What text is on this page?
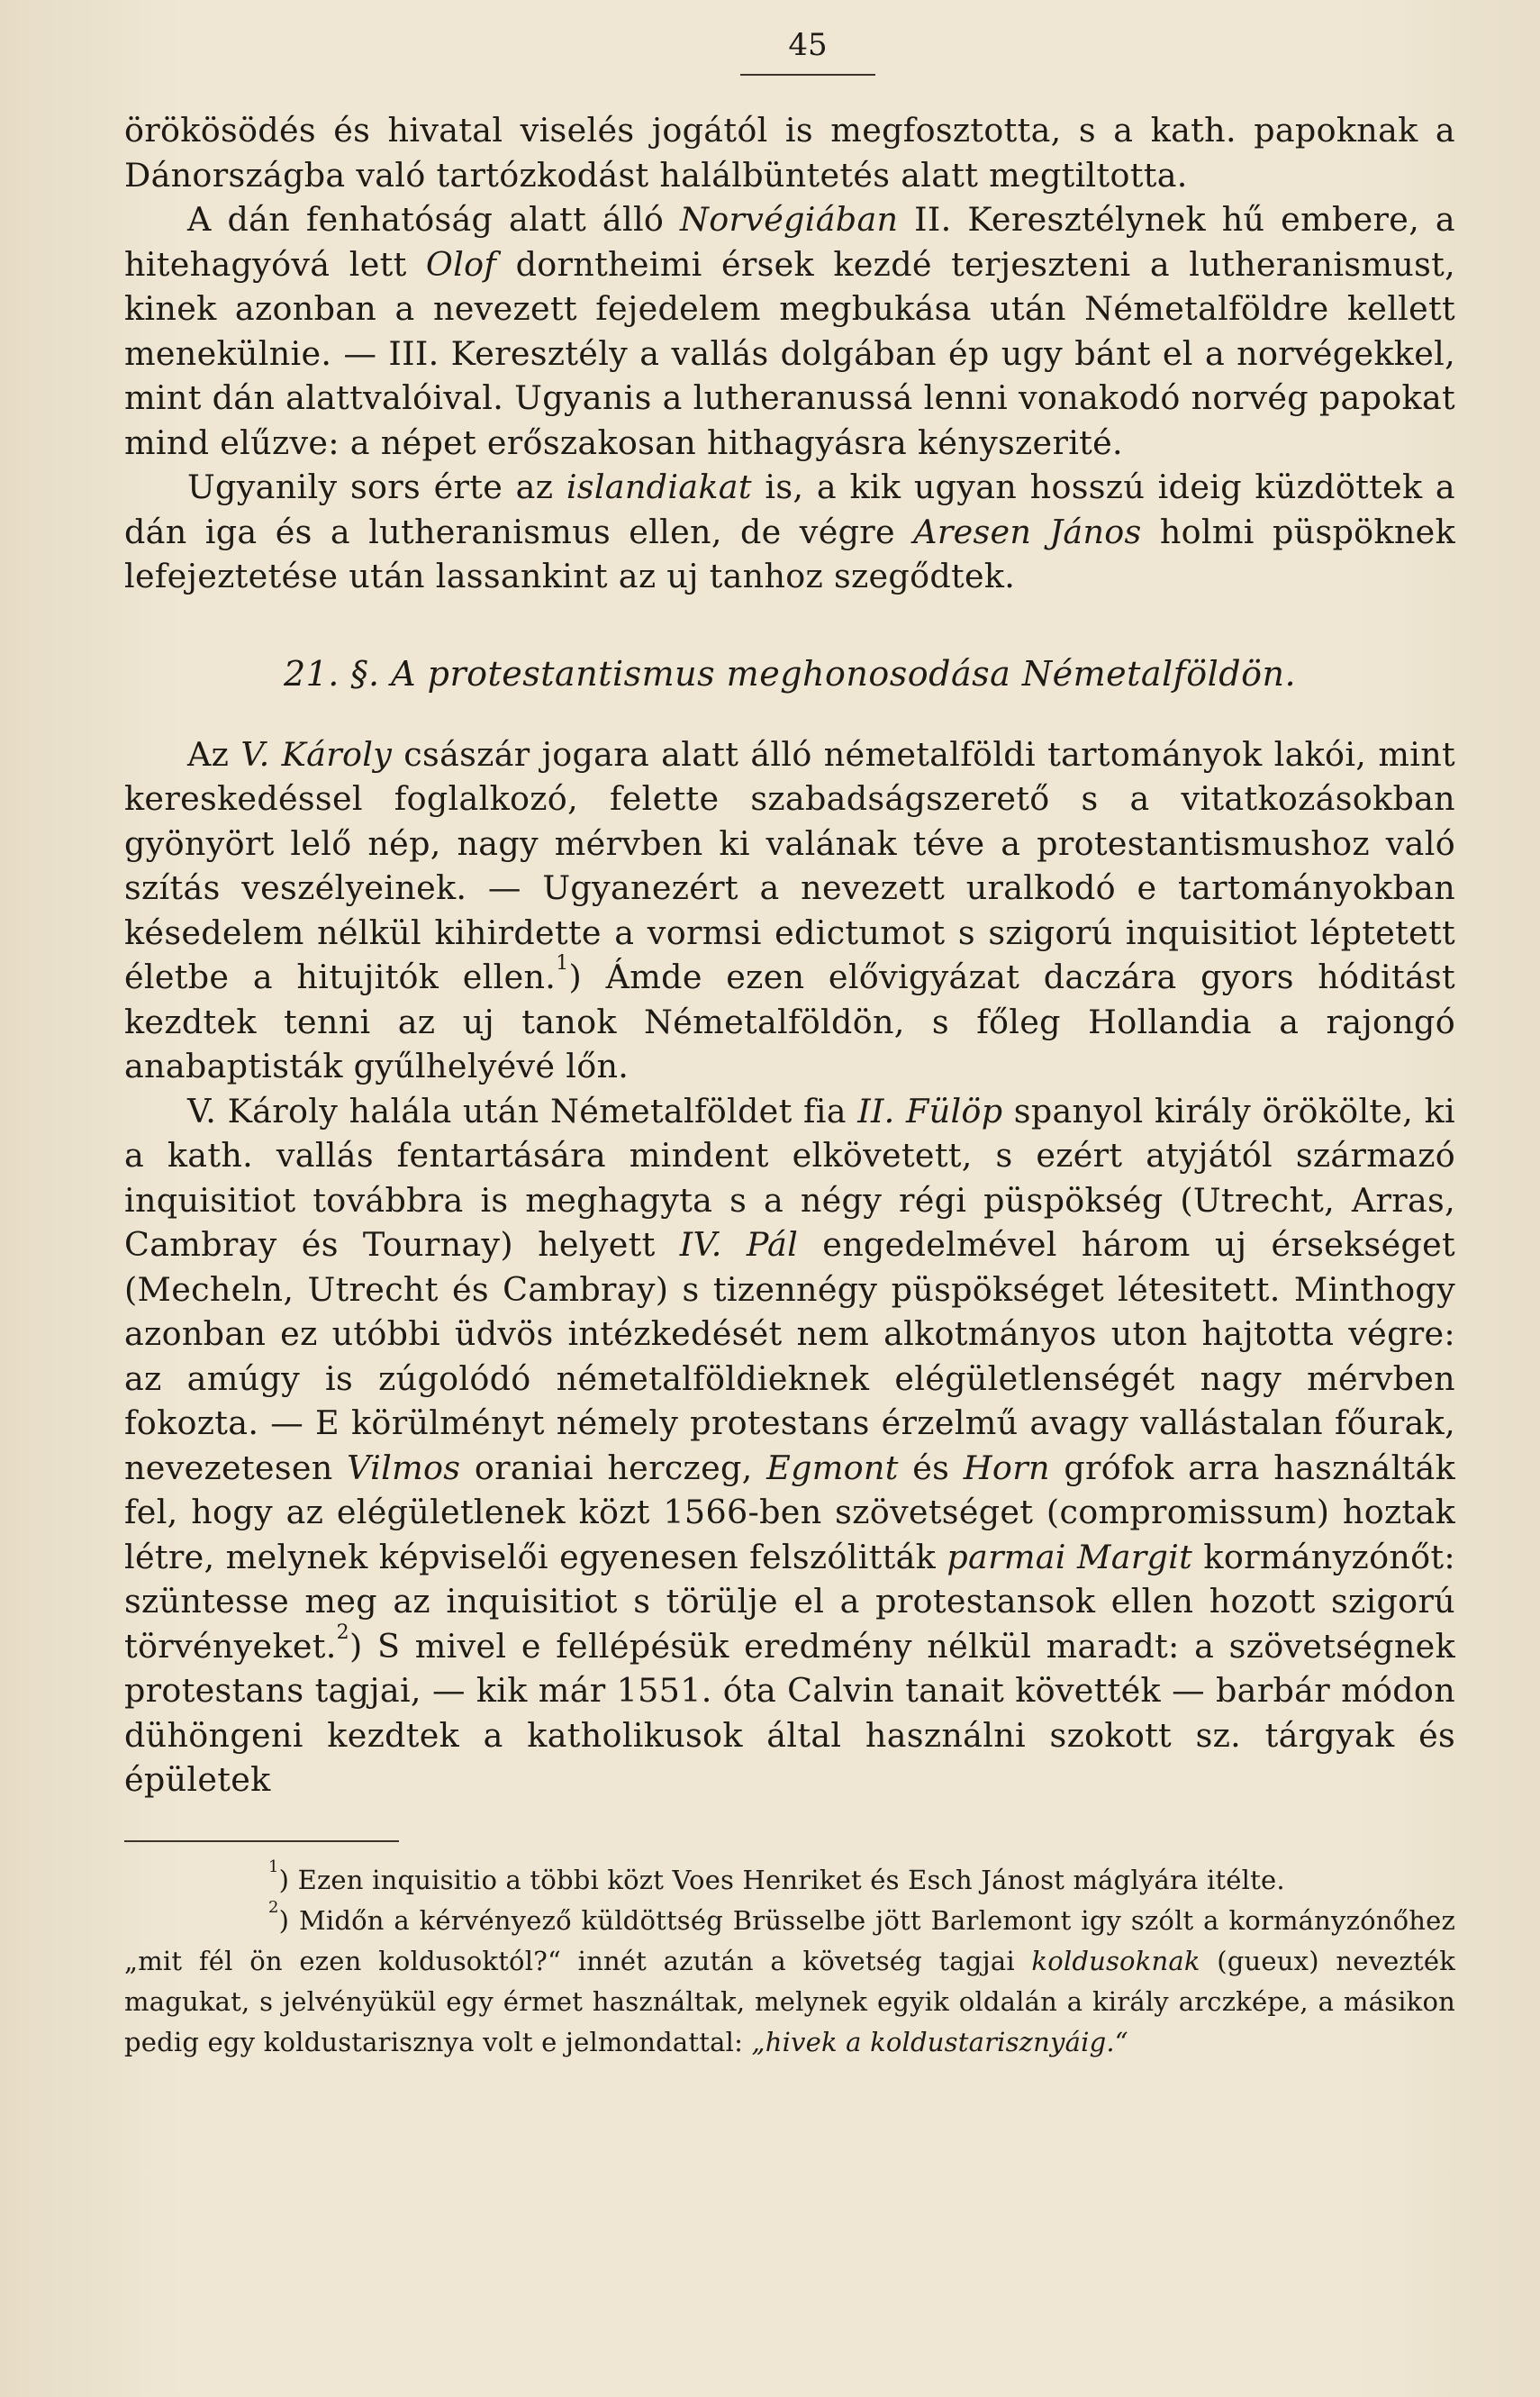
45

örökösödés és hivatal viselés jogától is megfosztotta, s a kath. papoknak a Dánországba való tartózkodást halálbüntetés alatt megtiltotta.

A dán fenhatóság alatt álló Norvégiában II. Keresztélynek hű embere, a hitehagyóvá lett Olof dorntheimi érsek kezdé terjeszteni a lutheranismust, kinek azonban a nevezett fejedelem megbukása után Németalföldre kellett menekülnie. — III. Keresztély a vallás dolgában ép ugy bánt el a norvégekkel, mint dán alattvalóival. Ugyanis a lutheranussá lenni vonakodó norvég papokat mind elűzve: a népet erőszakosan hithagyásra kényszerité.

Ugyanily sors érte az islandiakat is, a kik ugyan hosszú ideig küzdöttek a dán iga és a lutheranismus ellen, de végre Aresen János holmi püspöknek lefejeztetése után lassankint az uj tanhoz szegődtek.

21. §. A protestantismus meghonosodása Németalföldön.

Az V. Károly császár jogara alatt álló németalföldi tartományok lakói, mint kereskedéssel foglalkozó, felette szabadságszerető s a vitatkozásokban gyönyört lelő nép, nagy mérvben ki valának téve a protestantismushoz való szítás veszélyeinek. — Ugyanezért a nevezett uralkodó e tartományokban késedelem nélkül kihirdette a vormsi edictumot s szigorú inquisitiot léptetett életbe a hitujitók ellen.$^1$) Ámde ezen elővigyázat daczára gyors hóditást kezdtek tenni az uj tanok Németalföldön, s főleg Hollandia a rajongó anabaptisták gyűlhelyévé lőn.

V. Károly halála után Németalföldet fia II. Fülöp spanyol király örökölte, ki a kath. vallás fentartására mindent elkövetett, s ezért atyjától származó inquisitiot továbbra is meghagyta s a négy régi püspökség (Utrecht, Arras, Cambray és Tournay) helyett IV. Pál engedelmével három uj érsekséget (Mecheln, Utrecht és Cambray) s tizennégy püspökséget létesitett. Minthogy azonban ez utóbbi üdvös intézkedését nem alkotmányos uton hajtotta végre: az amúgy is zúgolódó németalföldieknek elégületlenségét nagy mérvben fokozta. — E körülményt némely protestans érzelmű avagy vallástalan főurak, nevezetesen Vilmos oraniai herczeg, Egmont és Horn grófok arra használták fel, hogy az elégületlenek közt 1566-ben szövetséget (compromissum) hoztak létre, melynek képviselői egyenesen felszólitták parmai Margit kormányzónőt: szüntesse meg az inquisitiot s törülje el a protestansok ellen hozott szigorú törvényeket.$^2$) S mivel e fellépésük eredmény nélkül maradt: a szövetségnek protestans tagjai, — kik már 1551. óta Calvin tanait követték — barbár módon dühöngeni kezdtek a katholikusok által használni szokott sz. tárgyak és épületek

$^1$) Ezen inquisitio a többi közt Voes Henriket és Esch Jánost máglyára itélte.

$^2$) Midőn a kérvényező küldöttség Brüsselbe jött Barlemont igy szólt a kormányzónőhez „mit fél ön ezen koldusoktól?“ innét azután a követség tagjai koldusoknak (gueux) nevezték magukat, s jelvényükül egy érmet használtak, melynek egyik oldalán a király arczképe, a másikon pedig egy koldustarisznya volt e jelmondattal: „hivek a koldustarisznyáig.“
